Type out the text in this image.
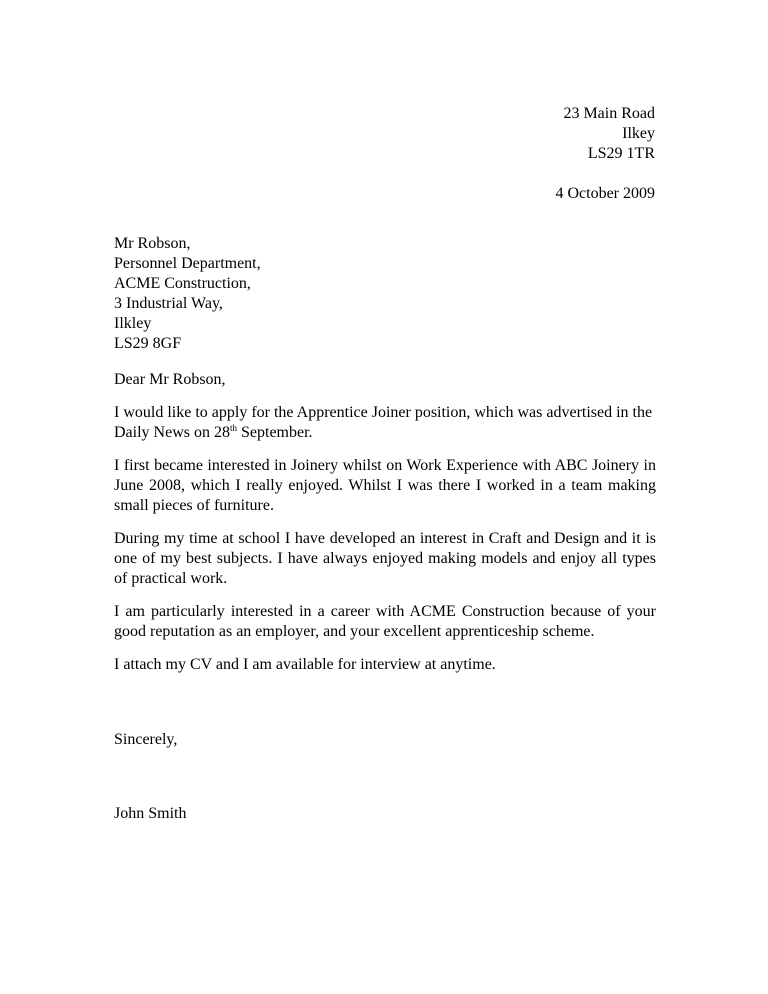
23 Main Road
Ilkey
LS29 1TR
4 October 2009
Mr Robson,
Personnel Department,
ACME Construction,
3 Industrial Way,
Ilkley
LS29 8GF

Dear Mr Robson,

I would like to apply for the Apprentice Joiner position, which was advertised in the Daily News on 28th September.

I first became interested in Joinery whilst on Work Experience with ABC Joinery in June 2008, which I really enjoyed. Whilst I was there I worked in a team making small pieces of furniture.

During my time at school I have developed an interest in Craft and Design and it is one of my best subjects. I have always enjoyed making models and enjoy all types of practical work.

I am particularly interested in a career with ACME Construction because of your good reputation as an employer, and your excellent apprenticeship scheme.

I attach my CV and I am available for interview at anytime.

Sincerely,
John Smith
